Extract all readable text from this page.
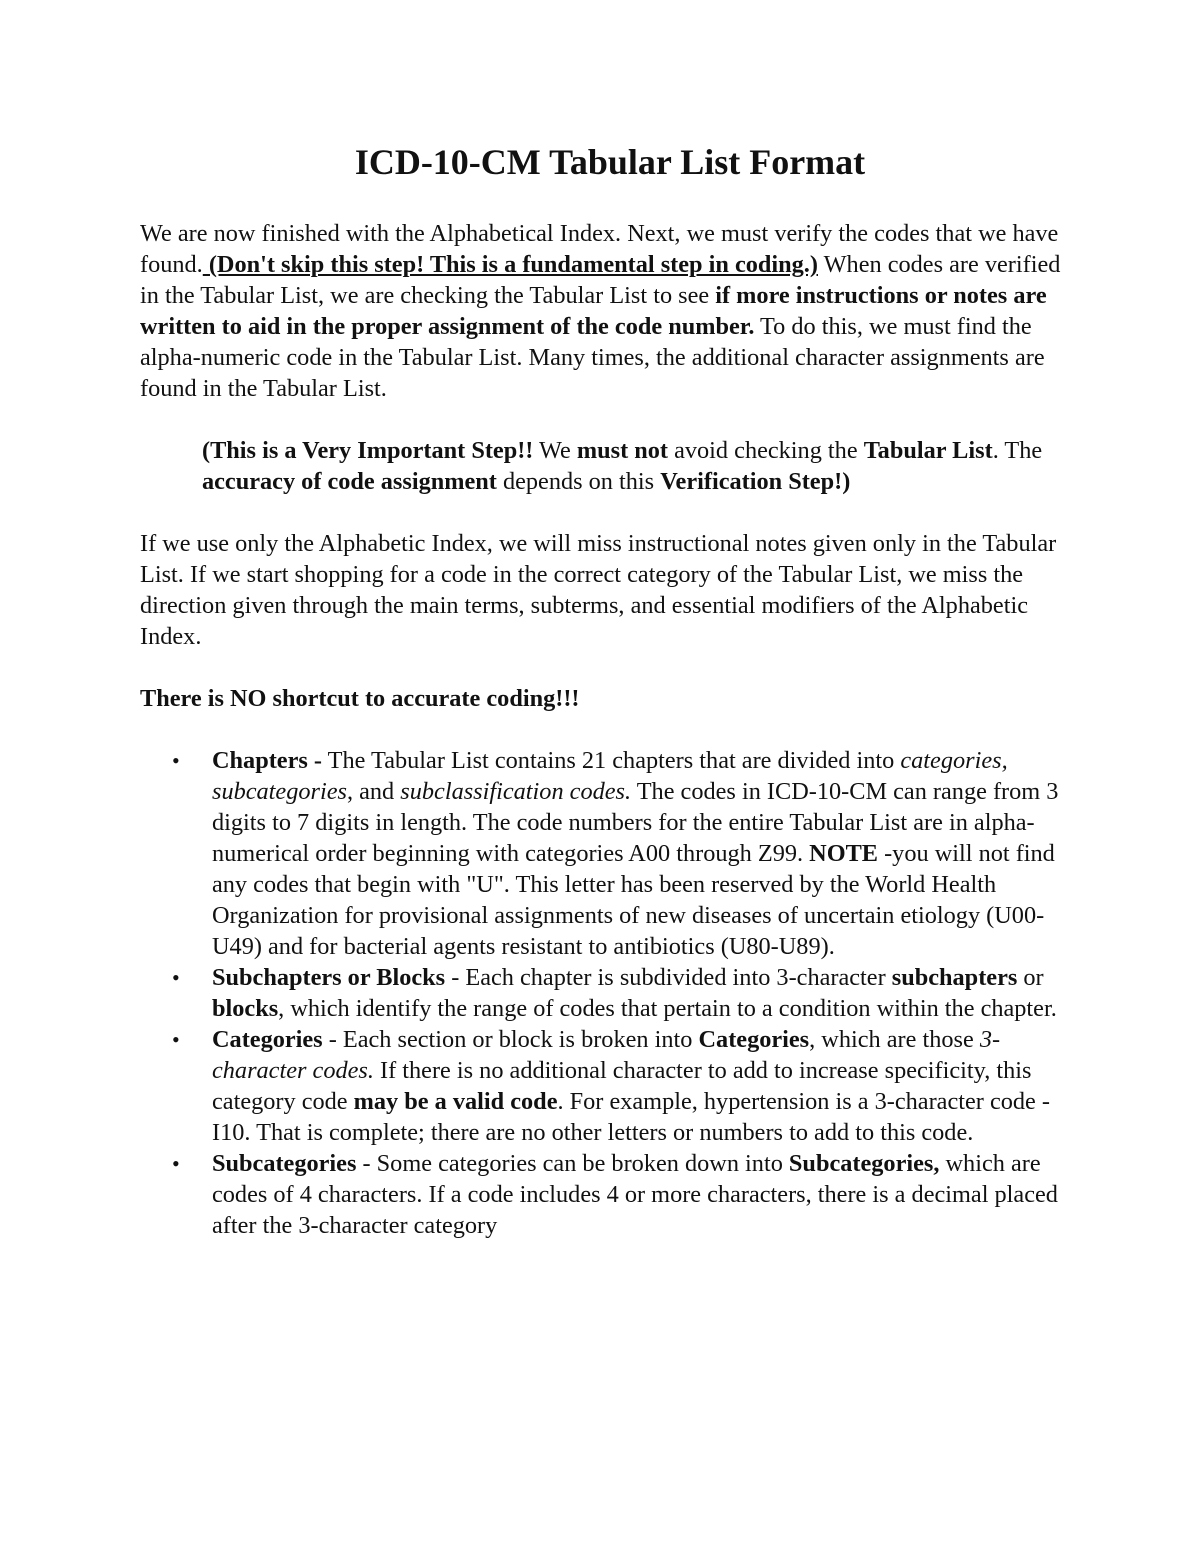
ICD-10-CM Tabular List Format

We are now finished with the Alphabetical Index. Next, we must verify the codes that we have found. (Don't skip this step! This is a fundamental step in coding.) When codes are verified in the Tabular List, we are checking the Tabular List to see if more instructions or notes are written to aid in the proper assignment of the code number. To do this, we must find the alpha-numeric code in the Tabular List. Many times, the additional character assignments are found in the Tabular List.

(This is a Very Important Step!! We must not avoid checking the Tabular List. The accuracy of code assignment depends on this Verification Step!)

If we use only the Alphabetic Index, we will miss instructional notes given only in the Tabular List. If we start shopping for a code in the correct category of the Tabular List, we miss the direction given through the main terms, subterms, and essential modifiers of the Alphabetic Index.

There is NO shortcut to accurate coding!!!

• Chapters - The Tabular List contains 21 chapters that are divided into categories, subcategories, and subclassification codes. The codes in ICD-10-CM can range from 3 digits to 7 digits in length. The code numbers for the entire Tabular List are in alpha-numerical order beginning with categories A00 through Z99. NOTE -you will not find any codes that begin with "U". This letter has been reserved by the World Health Organization for provisional assignments of new diseases of uncertain etiology (U00-U49) and for bacterial agents resistant to antibiotics (U80-U89).
• Subchapters or Blocks - Each chapter is subdivided into 3-character subchapters or blocks, which identify the range of codes that pertain to a condition within the chapter.
• Categories - Each section or block is broken into Categories, which are those 3-character codes. If there is no additional character to add to increase specificity, this category code may be a valid code. For example, hypertension is a 3-character code - I10. That is complete; there are no other letters or numbers to add to this code.
• Subcategories - Some categories can be broken down into Subcategories, which are codes of 4 characters. If a code includes 4 or more characters, there is a decimal placed after the 3-character category
